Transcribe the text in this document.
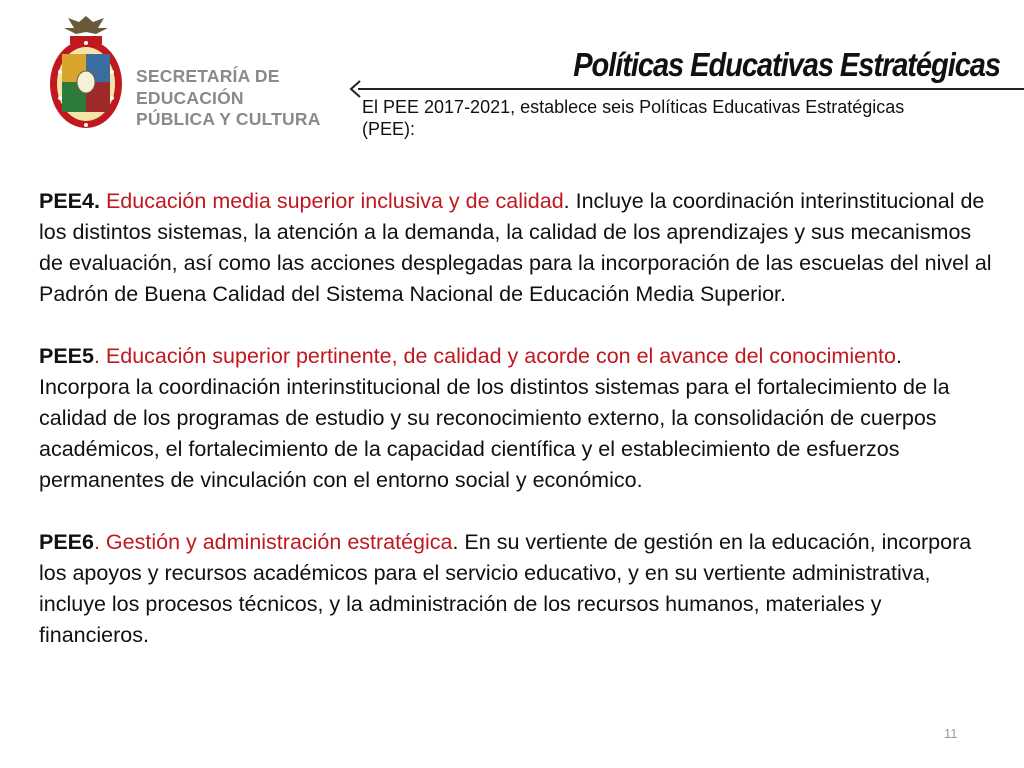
SECRETARÍA DE
EDUCACIÓN
PÚBLICA Y CULTURA
Políticas Educativas Estratégicas
El PEE 2017-2021, establece seis Políticas Educativas Estratégicas (PEE):

PEE4. Educación media superior inclusiva y de calidad. Incluye la coordinación interinstitucional de los distintos sistemas, la atención a la demanda, la calidad de los aprendizajes y sus mecanismos de evaluación, así como las acciones desplegadas para la incorporación de las escuelas del nivel al Padrón de Buena Calidad del Sistema Nacional de Educación Media Superior.

PEE5. Educación superior pertinente, de calidad y acorde con el avance del conocimiento. Incorpora la coordinación interinstitucional de los distintos sistemas para el fortalecimiento de la calidad de los programas de estudio y su reconocimiento externo, la consolidación de cuerpos académicos, el fortalecimiento de la capacidad científica y el establecimiento de esfuerzos permanentes de vinculación con el entorno social y económico.

PEE6. Gestión y administración estratégica. En su vertiente de gestión en la educación, incorpora los apoyos y recursos académicos para el servicio educativo, y en su vertiente administrativa, incluye los procesos técnicos, y la administración de los recursos humanos, materiales y financieros.

11
